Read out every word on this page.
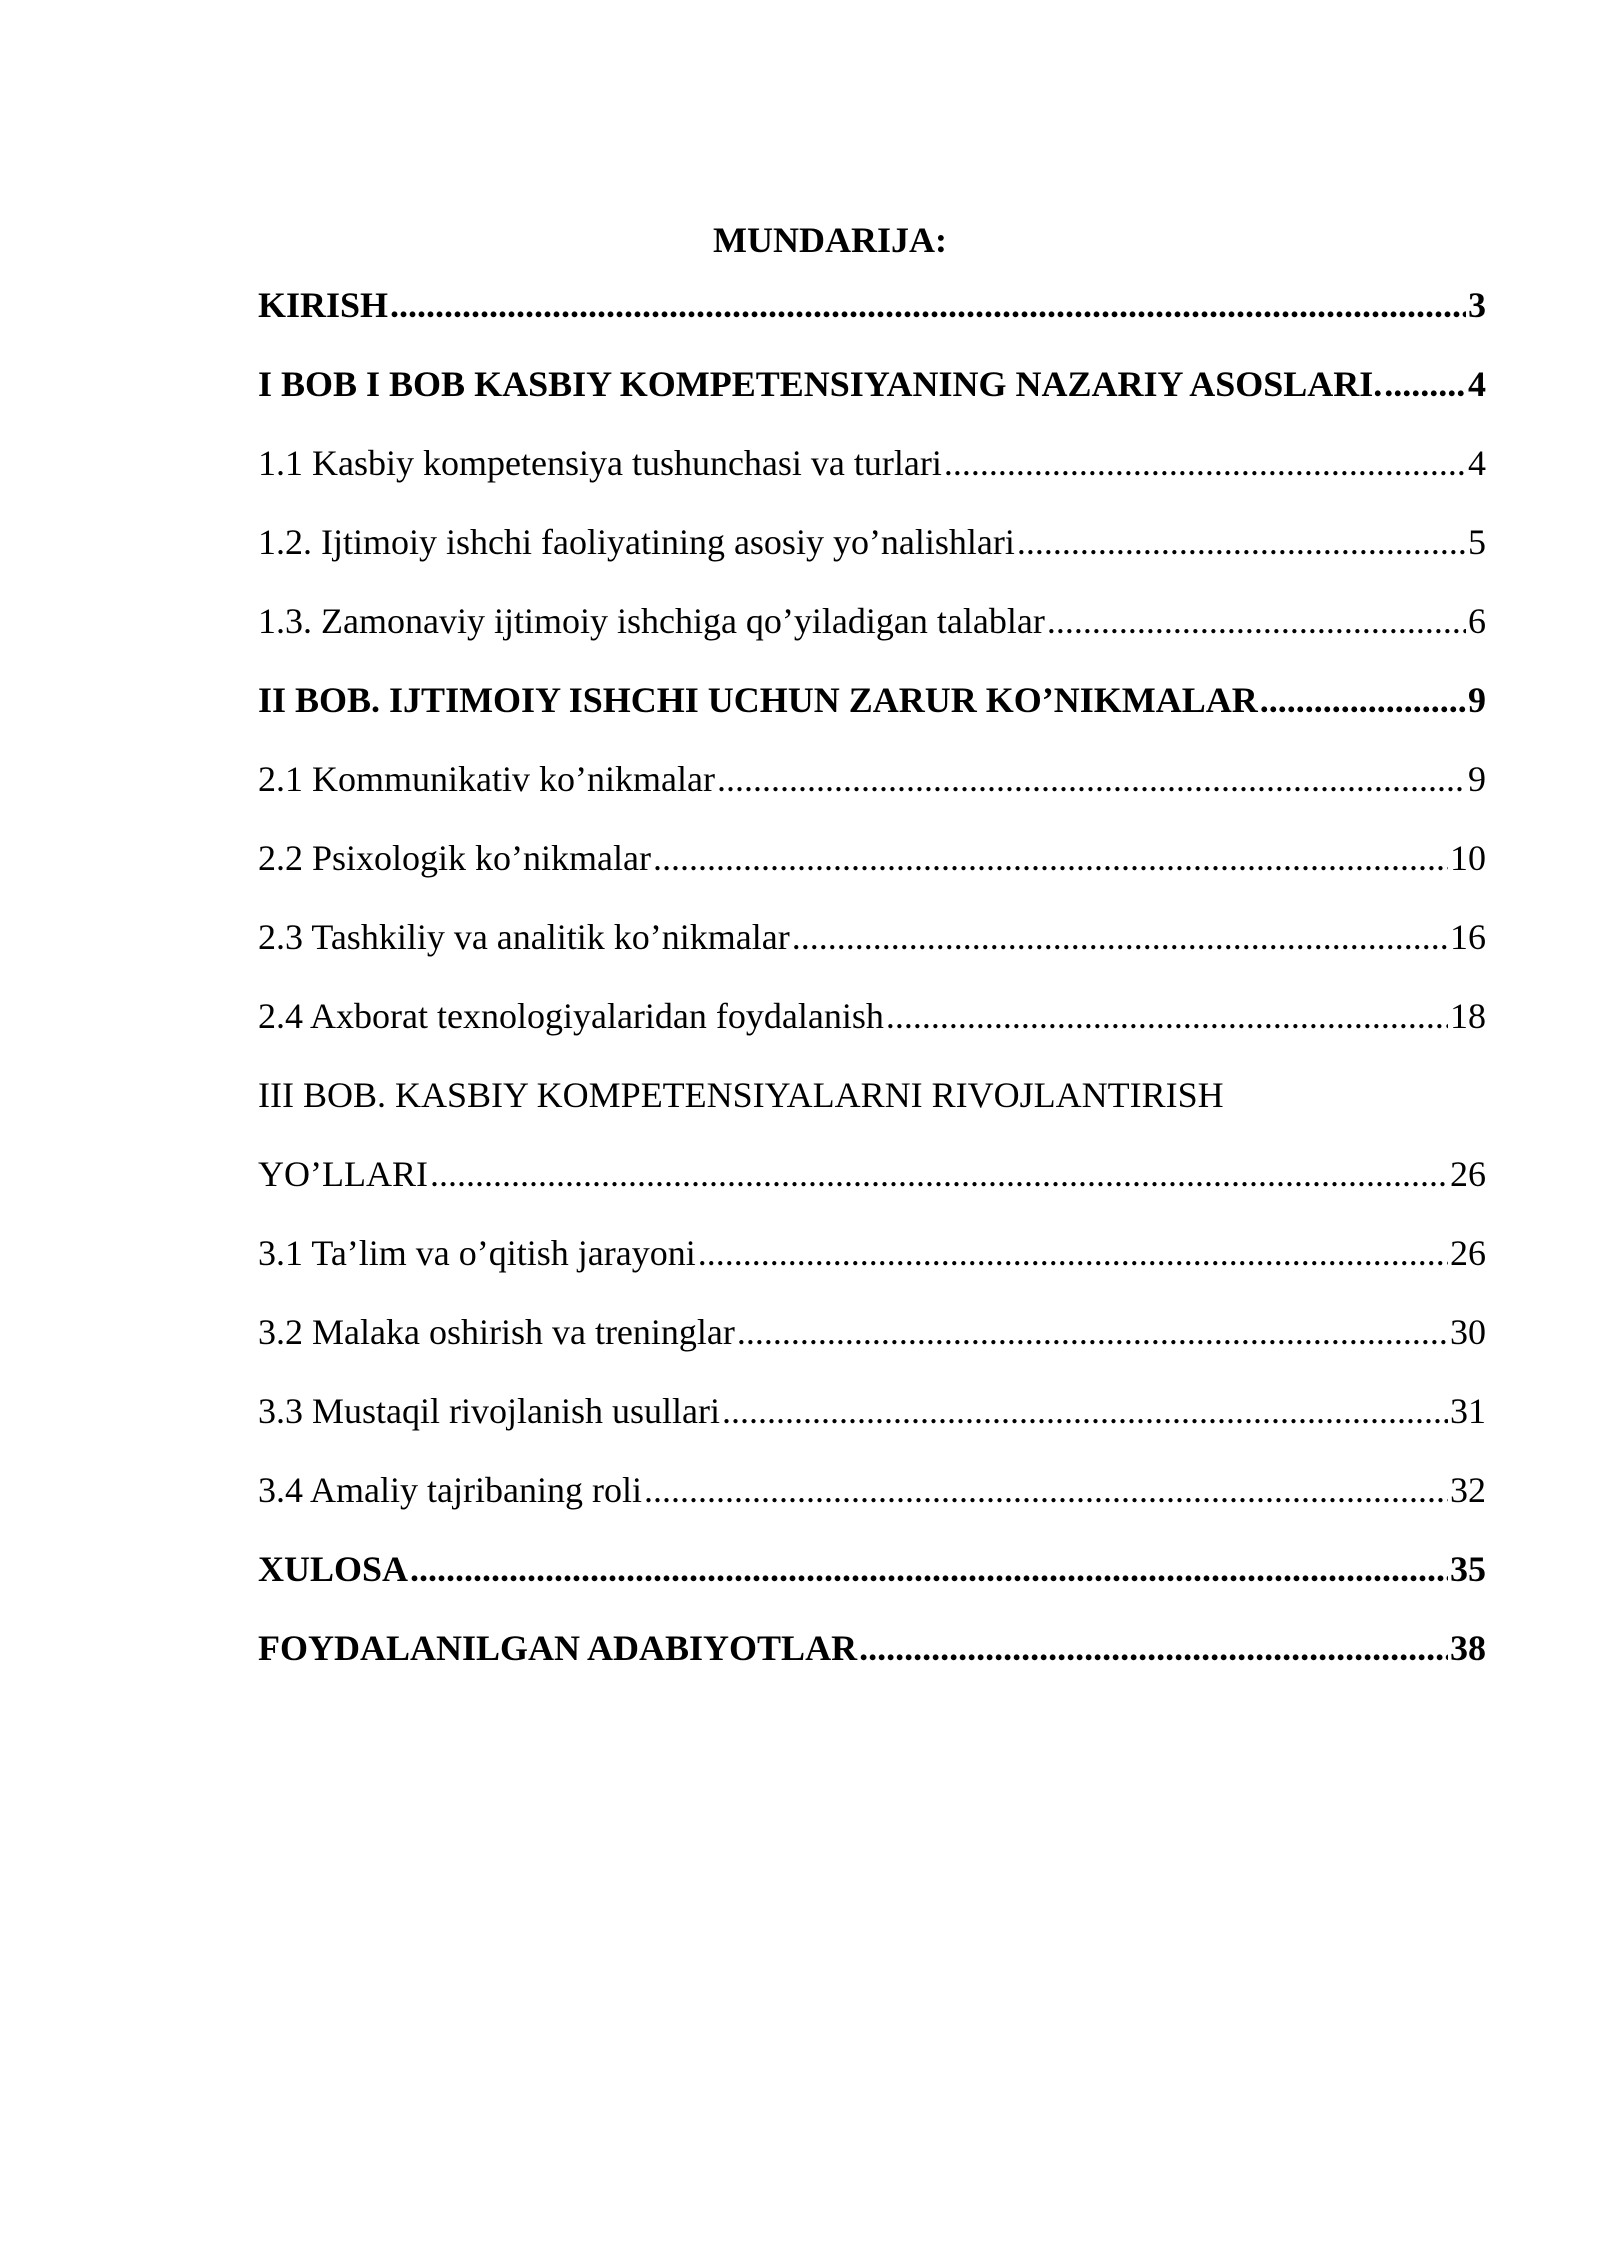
MUNDARIJA:
KIRISH .....	3
I BOB I BOB KASBIY KOMPETENSIYANING NAZARIY ASOSLARI. ..... 4
1.1 Kasbiy kompetensiya tushunchasi va turlari .....	4
1.2. Ijtimoiy ishchi faoliyatining asosiy yo’nalishlari .....	5
1.3. Zamonaviy ijtimoiy ishchiga qo’yiladigan talablar .....	6
II BOB. IJTIMOIY ISHCHI UCHUN ZARUR KO’NIKMALAR .....	9
2.1 Kommunikativ ko’nikmalar .....	9
2.2 Psixologik ko’nikmalar .....	10
2.3 Tashkiliy va analitik ko’nikmalar .....	16
2.4 Axborat texnologiyalaridan foydalanish .....	18
III BOB. KASBIY KOMPETENSIYALARNI RIVOJLANTIRISH
YO’LLARI .....	26
3.1 Ta’lim va o’qitish jarayoni .....	26
3.2 Malaka oshirish va treninglar .....	30
3.3 Mustaqil rivojlanish usullari .....	31
3.4 Amaliy tajribaning roli .....	32
XULOSA .....	35
FOYDALANILGAN ADABIYOTLAR .....	38
